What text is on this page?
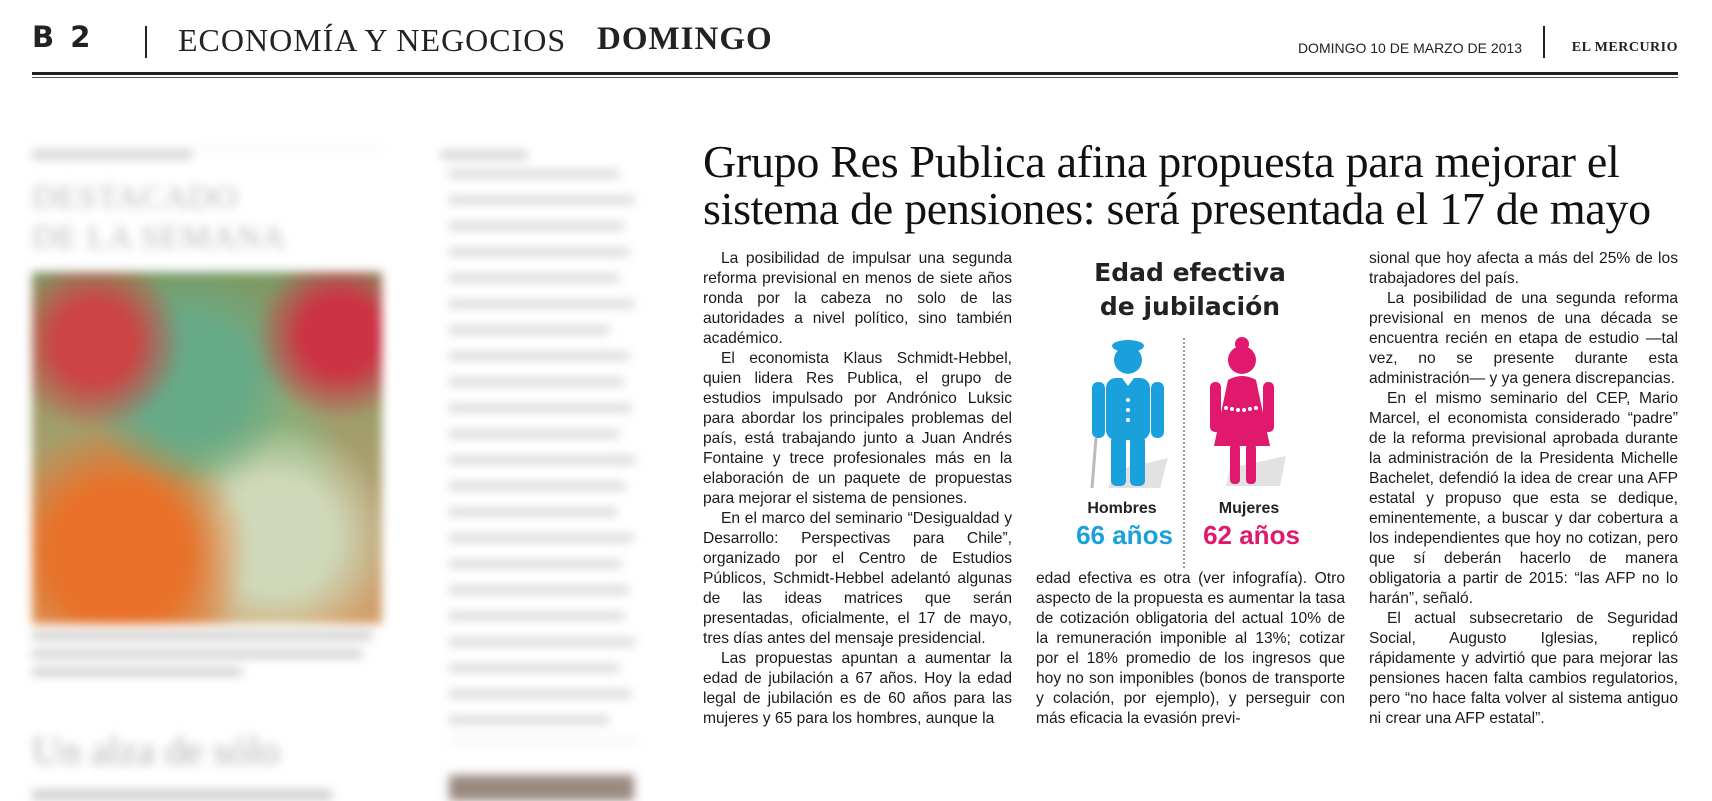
B 2	ECONOMÍA Y NEGOCIOS DOMINGO	DOMINGO 10 DE MARZO DE 2013	EL MERCURIO
DESTACADO
DE LA SEMANA
Un alza de sólo
Grupo Res Publica afina propuesta para mejorar el sistema de pensiones: será presentada el 17 de mayo

La posibilidad de impulsar una segunda reforma previsional en menos de siete años ronda por la cabeza no solo de las autoridades a nivel político, sino también académico.

El economista Klaus Schmidt-Hebbel, quien lidera Res Publica, el grupo de estudios impulsado por Andrónico Luksic para abordar los principales problemas del país, está trabajando junto a Juan Andrés Fontaine y trece profesionales más en la elaboración de un paquete de propuestas para mejorar el sistema de pensiones.

En el marco del seminario “Desigualdad y Desarrollo: Perspectivas para Chile”, organizado por el Centro de Estudios Públicos, Schmidt-Hebbel adelantó algunas de las ideas matrices que serán presentadas, oficialmente, el 17 de mayo, tres días antes del mensaje presidencial.

Las propuestas apuntan a aumentar la edad de jubilación a 67 años. Hoy la edad legal de jubilación es de 60 años para las mujeres y 65 para los hombres, aunque la

edad efectiva es otra (ver infografía). Otro aspecto de la propuesta es aumentar la tasa de cotización obligatoria del actual 10% de la remuneración imponible al 13%; cotizar por el 18% promedio de los ingresos que hoy no son imponibles (bonos de transporte y colación, por ejemplo), y perseguir con más eficacia la evasión previ-

sional que hoy afecta a más del 25% de los trabajadores del país.

La posibilidad de una segunda reforma previsional en menos de una década se encuentra recién en etapa de estudio —tal vez, no se presente durante esta administración— y ya genera discrepancias.

En el mismo seminario del CEP, Mario Marcel, el economista considerado “padre” de la reforma previsional aprobada durante la administración de la Presidenta Michelle Bachelet, defendió la idea de crear una AFP estatal y propuso que esta se dedique, eminentemente, a buscar y dar cobertura a los independientes que hoy no cotizan, pero que sí deberán hacerlo de manera obligatoria a partir de 2015: “las AFP no lo harán”, señaló.

El actual subsecretario de Seguridad Social, Augusto Iglesias, replicó rápidamente y advirtió que para mejorar las pensiones hacen falta cambios regulatorios, pero “no hace falta volver al sistema antiguo ni crear una AFP estatal”.

Edad efectiva
de jubilación
Hombres
66 años
Mujeres
62 años
